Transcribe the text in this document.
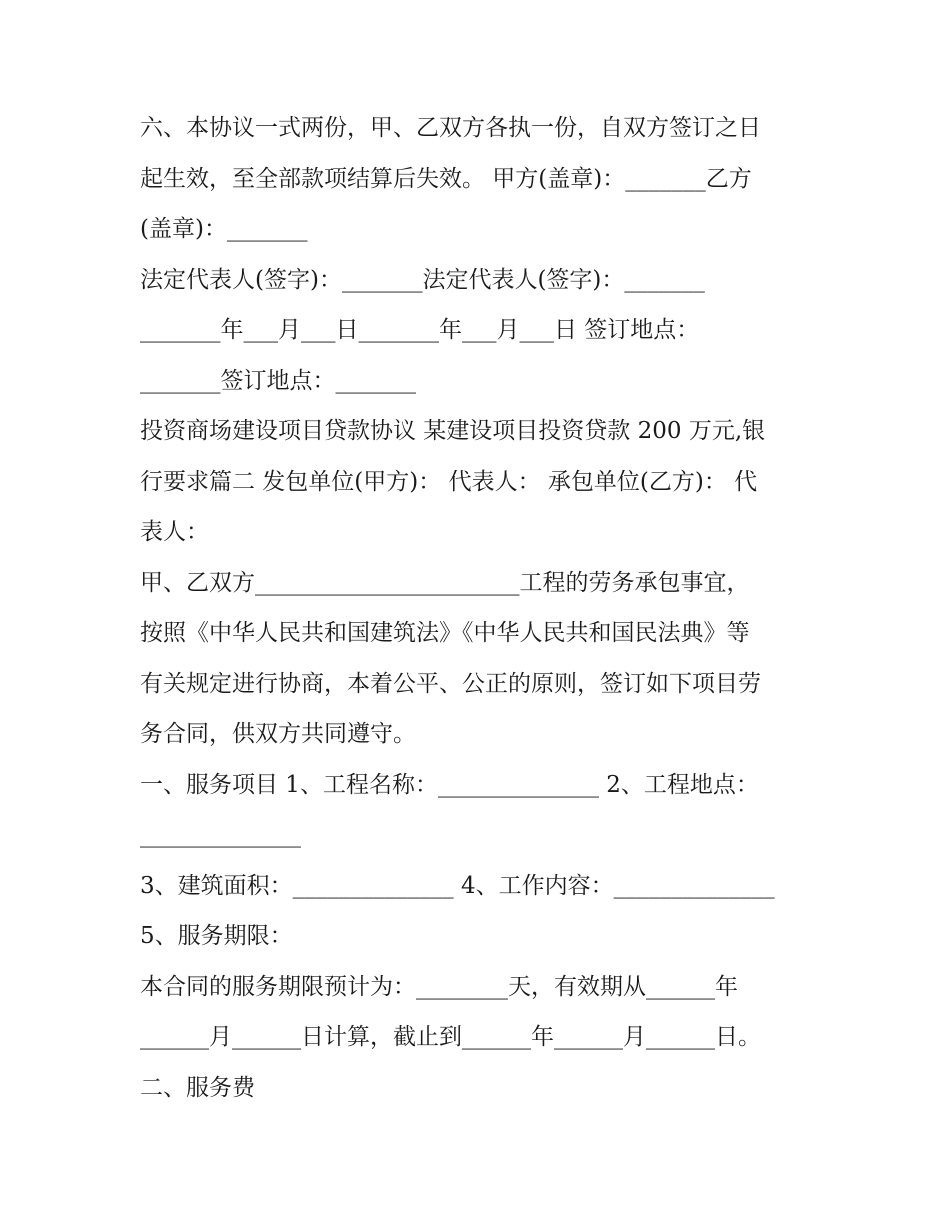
六、本协议一式两份，甲、乙双方各执一份，自双方签订之日
起生效，至全部款项结算后失效。 甲方(盖章)：_______乙方
(盖章)：_______
法定代表人(签字)：_______法定代表人(签字)：_______
_______年___月___日_______年___月___日 签订地点：
_______签订地点：_______
投资商场建设项目贷款协议 某建设项目投资贷款 200 万元,银
行要求篇二 发包单位(甲方)： 代表人： 承包单位(乙方)： 代
表人：
甲、乙双方_______________________工程的劳务承包事宜，
按照《中华人民共和国建筑法》《中华人民共和国民法典》等
有关规定进行协商，本着公平、公正的原则，签订如下项目劳
务合同，供双方共同遵守。
一、服务项目 1、工程名称：______________ 2、工程地点：
______________
3、建筑面积：______________ 4、工作内容：______________
5、服务期限：
本合同的服务期限预计为：________天，有效期从______年
______月______日计算，截止到______年______月______日。
二、服务费
